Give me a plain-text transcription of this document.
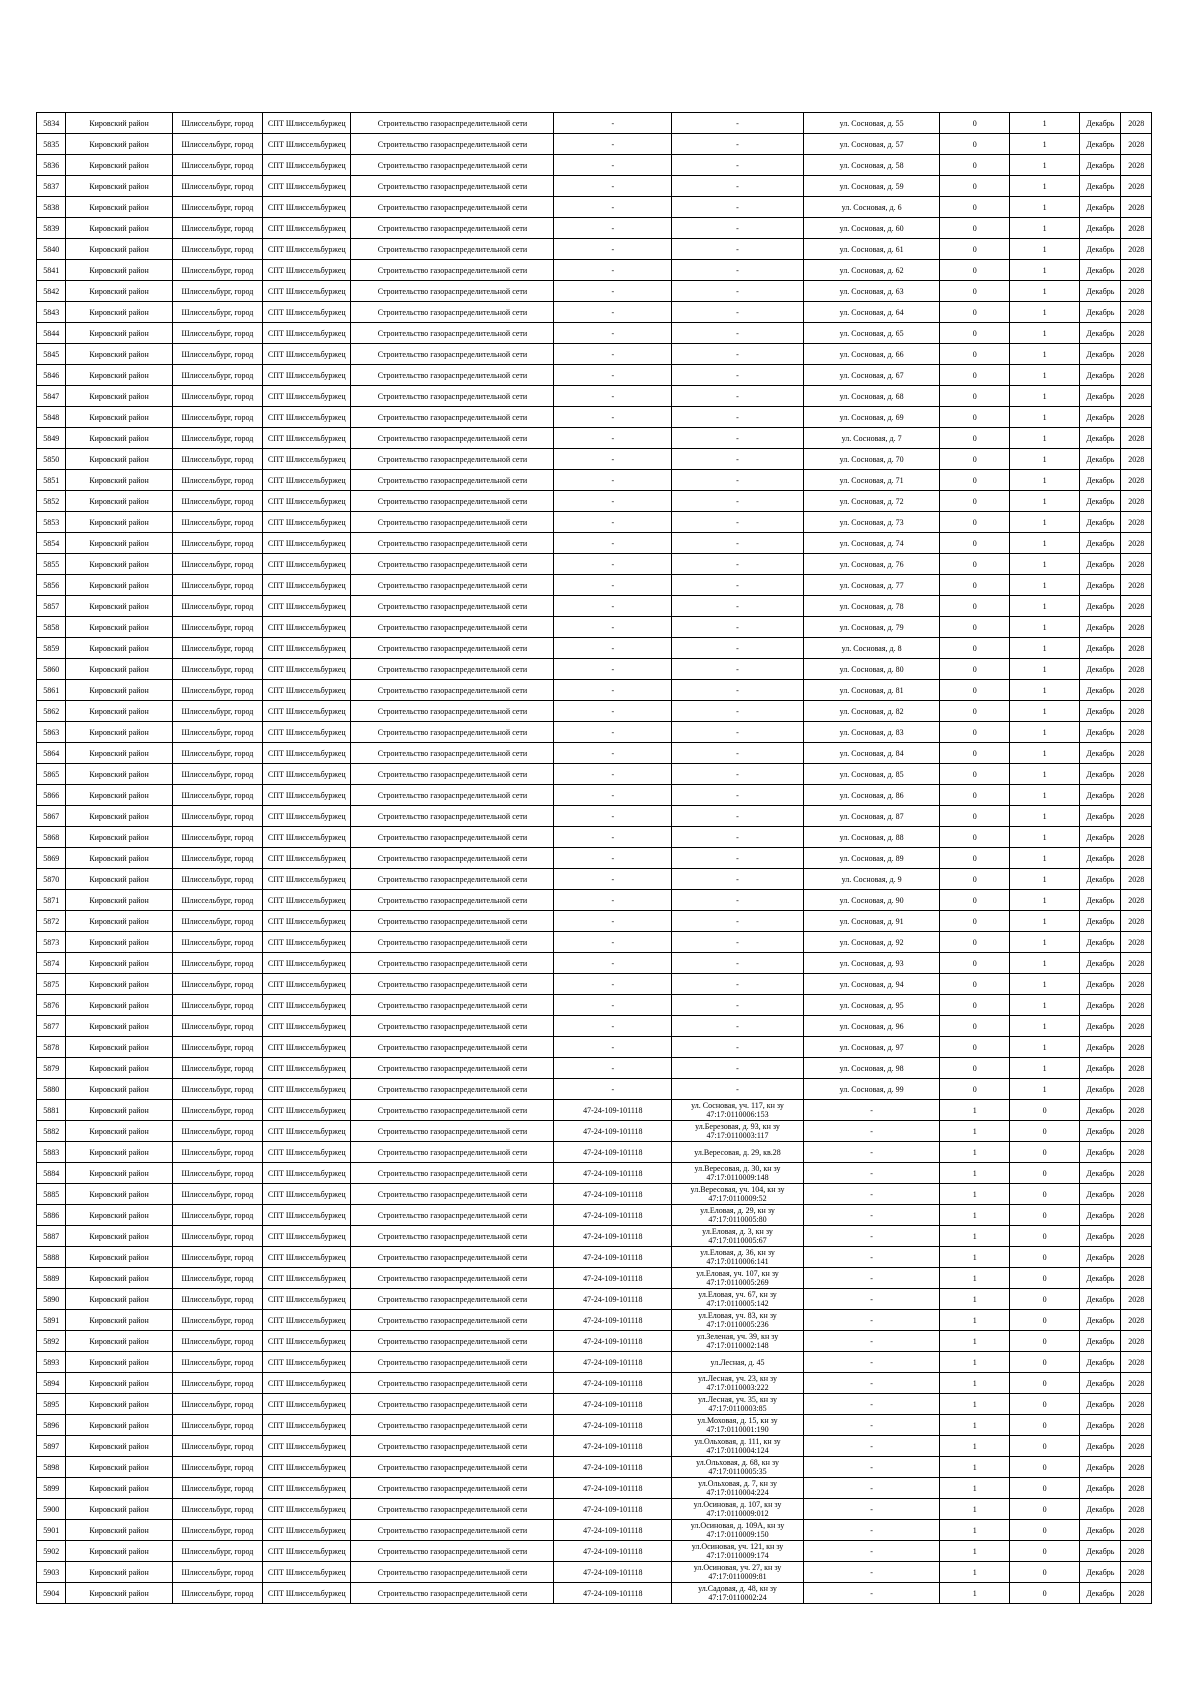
5834	Кировский район	Шлиссельбург, город	СПТ Шлиссельбуржец	Строительство газораспределительной сети	-	-	ул. Сосновая, д. 55	0	1	Декабрь	2028
5835	Кировский район	Шлиссельбург, город	СПТ Шлиссельбуржец	Строительство газораспределительной сети	-	-	ул. Сосновая, д. 57	0	1	Декабрь	2028
5836	Кировский район	Шлиссельбург, город	СПТ Шлиссельбуржец	Строительство газораспределительной сети	-	-	ул. Сосновая, д. 58	0	1	Декабрь	2028
5837	Кировский район	Шлиссельбург, город	СПТ Шлиссельбуржец	Строительство газораспределительной сети	-	-	ул. Сосновая, д. 59	0	1	Декабрь	2028
5838	Кировский район	Шлиссельбург, город	СПТ Шлиссельбуржец	Строительство газораспределительной сети	-	-	ул. Сосновая, д. 6	0	1	Декабрь	2028
5839	Кировский район	Шлиссельбург, город	СПТ Шлиссельбуржец	Строительство газораспределительной сети	-	-	ул. Сосновая, д. 60	0	1	Декабрь	2028
5840	Кировский район	Шлиссельбург, город	СПТ Шлиссельбуржец	Строительство газораспределительной сети	-	-	ул. Сосновая, д. 61	0	1	Декабрь	2028
5841	Кировский район	Шлиссельбург, город	СПТ Шлиссельбуржец	Строительство газораспределительной сети	-	-	ул. Сосновая, д. 62	0	1	Декабрь	2028
5842	Кировский район	Шлиссельбург, город	СПТ Шлиссельбуржец	Строительство газораспределительной сети	-	-	ул. Сосновая, д. 63	0	1	Декабрь	2028
5843	Кировский район	Шлиссельбург, город	СПТ Шлиссельбуржец	Строительство газораспределительной сети	-	-	ул. Сосновая, д. 64	0	1	Декабрь	2028
5844	Кировский район	Шлиссельбург, город	СПТ Шлиссельбуржец	Строительство газораспределительной сети	-	-	ул. Сосновая, д. 65	0	1	Декабрь	2028
5845	Кировский район	Шлиссельбург, город	СПТ Шлиссельбуржец	Строительство газораспределительной сети	-	-	ул. Сосновая, д. 66	0	1	Декабрь	2028
5846	Кировский район	Шлиссельбург, город	СПТ Шлиссельбуржец	Строительство газораспределительной сети	-	-	ул. Сосновая, д. 67	0	1	Декабрь	2028
5847	Кировский район	Шлиссельбург, город	СПТ Шлиссельбуржец	Строительство газораспределительной сети	-	-	ул. Сосновая, д. 68	0	1	Декабрь	2028
5848	Кировский район	Шлиссельбург, город	СПТ Шлиссельбуржец	Строительство газораспределительной сети	-	-	ул. Сосновая, д. 69	0	1	Декабрь	2028
5849	Кировский район	Шлиссельбург, город	СПТ Шлиссельбуржец	Строительство газораспределительной сети	-	-	ул. Сосновая, д. 7	0	1	Декабрь	2028
5850	Кировский район	Шлиссельбург, город	СПТ Шлиссельбуржец	Строительство газораспределительной сети	-	-	ул. Сосновая, д. 70	0	1	Декабрь	2028
5851	Кировский район	Шлиссельбург, город	СПТ Шлиссельбуржец	Строительство газораспределительной сети	-	-	ул. Сосновая, д. 71	0	1	Декабрь	2028
5852	Кировский район	Шлиссельбург, город	СПТ Шлиссельбуржец	Строительство газораспределительной сети	-	-	ул. Сосновая, д. 72	0	1	Декабрь	2028
5853	Кировский район	Шлиссельбург, город	СПТ Шлиссельбуржец	Строительство газораспределительной сети	-	-	ул. Сосновая, д. 73	0	1	Декабрь	2028
5854	Кировский район	Шлиссельбург, город	СПТ Шлиссельбуржец	Строительство газораспределительной сети	-	-	ул. Сосновая, д. 74	0	1	Декабрь	2028
5855	Кировский район	Шлиссельбург, город	СПТ Шлиссельбуржец	Строительство газораспределительной сети	-	-	ул. Сосновая, д. 76	0	1	Декабрь	2028
5856	Кировский район	Шлиссельбург, город	СПТ Шлиссельбуржец	Строительство газораспределительной сети	-	-	ул. Сосновая, д. 77	0	1	Декабрь	2028
5857	Кировский район	Шлиссельбург, город	СПТ Шлиссельбуржец	Строительство газораспределительной сети	-	-	ул. Сосновая, д. 78	0	1	Декабрь	2028
5858	Кировский район	Шлиссельбург, город	СПТ Шлиссельбуржец	Строительство газораспределительной сети	-	-	ул. Сосновая, д. 79	0	1	Декабрь	2028
5859	Кировский район	Шлиссельбург, город	СПТ Шлиссельбуржец	Строительство газораспределительной сети	-	-	ул. Сосновая, д. 8	0	1	Декабрь	2028
5860	Кировский район	Шлиссельбург, город	СПТ Шлиссельбуржец	Строительство газораспределительной сети	-	-	ул. Сосновая, д. 80	0	1	Декабрь	2028
5861	Кировский район	Шлиссельбург, город	СПТ Шлиссельбуржец	Строительство газораспределительной сети	-	-	ул. Сосновая, д. 81	0	1	Декабрь	2028
5862	Кировский район	Шлиссельбург, город	СПТ Шлиссельбуржец	Строительство газораспределительной сети	-	-	ул. Сосновая, д. 82	0	1	Декабрь	2028
5863	Кировский район	Шлиссельбург, город	СПТ Шлиссельбуржец	Строительство газораспределительной сети	-	-	ул. Сосновая, д. 83	0	1	Декабрь	2028
5864	Кировский район	Шлиссельбург, город	СПТ Шлиссельбуржец	Строительство газораспределительной сети	-	-	ул. Сосновая, д. 84	0	1	Декабрь	2028
5865	Кировский район	Шлиссельбург, город	СПТ Шлиссельбуржец	Строительство газораспределительной сети	-	-	ул. Сосновая, д. 85	0	1	Декабрь	2028
5866	Кировский район	Шлиссельбург, город	СПТ Шлиссельбуржец	Строительство газораспределительной сети	-	-	ул. Сосновая, д. 86	0	1	Декабрь	2028
5867	Кировский район	Шлиссельбург, город	СПТ Шлиссельбуржец	Строительство газораспределительной сети	-	-	ул. Сосновая, д. 87	0	1	Декабрь	2028
5868	Кировский район	Шлиссельбург, город	СПТ Шлиссельбуржец	Строительство газораспределительной сети	-	-	ул. Сосновая, д. 88	0	1	Декабрь	2028
5869	Кировский район	Шлиссельбург, город	СПТ Шлиссельбуржец	Строительство газораспределительной сети	-	-	ул. Сосновая, д. 89	0	1	Декабрь	2028
5870	Кировский район	Шлиссельбург, город	СПТ Шлиссельбуржец	Строительство газораспределительной сети	-	-	ул. Сосновая, д. 9	0	1	Декабрь	2028
5871	Кировский район	Шлиссельбург, город	СПТ Шлиссельбуржец	Строительство газораспределительной сети	-	-	ул. Сосновая, д. 90	0	1	Декабрь	2028
5872	Кировский район	Шлиссельбург, город	СПТ Шлиссельбуржец	Строительство газораспределительной сети	-	-	ул. Сосновая, д. 91	0	1	Декабрь	2028
5873	Кировский район	Шлиссельбург, город	СПТ Шлиссельбуржец	Строительство газораспределительной сети	-	-	ул. Сосновая, д. 92	0	1	Декабрь	2028
5874	Кировский район	Шлиссельбург, город	СПТ Шлиссельбуржец	Строительство газораспределительной сети	-	-	ул. Сосновая, д. 93	0	1	Декабрь	2028
5875	Кировский район	Шлиссельбург, город	СПТ Шлиссельбуржец	Строительство газораспределительной сети	-	-	ул. Сосновая, д. 94	0	1	Декабрь	2028
5876	Кировский район	Шлиссельбург, город	СПТ Шлиссельбуржец	Строительство газораспределительной сети	-	-	ул. Сосновая, д. 95	0	1	Декабрь	2028
5877	Кировский район	Шлиссельбург, город	СПТ Шлиссельбуржец	Строительство газораспределительной сети	-	-	ул. Сосновая, д. 96	0	1	Декабрь	2028
5878	Кировский район	Шлиссельбург, город	СПТ Шлиссельбуржец	Строительство газораспределительной сети	-	-	ул. Сосновая, д. 97	0	1	Декабрь	2028
5879	Кировский район	Шлиссельбург, город	СПТ Шлиссельбуржец	Строительство газораспределительной сети	-	-	ул. Сосновая, д. 98	0	1	Декабрь	2028
5880	Кировский район	Шлиссельбург, город	СПТ Шлиссельбуржец	Строительство газораспределительной сети	-	-	ул. Сосновая, д. 99	0	1	Декабрь	2028
5881	Кировский район	Шлиссельбург, город	СПТ Шлиссельбуржец	Строительство газораспределительной сети	47-24-109-101118	ул. Сосновая, уч. 117, кн зу 47:17:0110006:153	-	1	0	Декабрь	2028
5882	Кировский район	Шлиссельбург, город	СПТ Шлиссельбуржец	Строительство газораспределительной сети	47-24-109-101118	ул.Березовая, д. 93, кн зу 47:17:0110003:117	-	1	0	Декабрь	2028
5883	Кировский район	Шлиссельбург, город	СПТ Шлиссельбуржец	Строительство газораспределительной сети	47-24-109-101118	ул.Вересовая, д. 29, кв.28	-	1	0	Декабрь	2028
5884	Кировский район	Шлиссельбург, город	СПТ Шлиссельбуржец	Строительство газораспределительной сети	47-24-109-101118	ул.Вересовая, д. 30, кн зу 47:17:0110009:148	-	1	0	Декабрь	2028
5885	Кировский район	Шлиссельбург, город	СПТ Шлиссельбуржец	Строительство газораспределительной сети	47-24-109-101118	ул.Вересовая, уч. 104, кн зу 47:17:0110009:52	-	1	0	Декабрь	2028
5886	Кировский район	Шлиссельбург, город	СПТ Шлиссельбуржец	Строительство газораспределительной сети	47-24-109-101118	ул.Еловая, д. 29, кн зу 47:17:0110005:80	-	1	0	Декабрь	2028
5887	Кировский район	Шлиссельбург, город	СПТ Шлиссельбуржец	Строительство газораспределительной сети	47-24-109-101118	ул.Еловая, д. 3, кн зу 47:17:0110005:67	-	1	0	Декабрь	2028
5888	Кировский район	Шлиссельбург, город	СПТ Шлиссельбуржец	Строительство газораспределительной сети	47-24-109-101118	ул.Еловая, д. 36, кн зу 47:17:0110006:141	-	1	0	Декабрь	2028
5889	Кировский район	Шлиссельбург, город	СПТ Шлиссельбуржец	Строительство газораспределительной сети	47-24-109-101118	ул.Еловая, уч. 107, кн зу 47:17:0110005:269	-	1	0	Декабрь	2028
5890	Кировский район	Шлиссельбург, город	СПТ Шлиссельбуржец	Строительство газораспределительной сети	47-24-109-101118	ул.Еловая, уч. 67, кн зу 47:17:0110005:142	-	1	0	Декабрь	2028
5891	Кировский район	Шлиссельбург, город	СПТ Шлиссельбуржец	Строительство газораспределительной сети	47-24-109-101118	ул.Еловая, уч. 83, кн зу 47:17:0110005:236	-	1	0	Декабрь	2028
5892	Кировский район	Шлиссельбург, город	СПТ Шлиссельбуржец	Строительство газораспределительной сети	47-24-109-101118	ул.Зеленая, уч. 39, кн зу 47:17:0110002:148	-	1	0	Декабрь	2028
5893	Кировский район	Шлиссельбург, город	СПТ Шлиссельбуржец	Строительство газораспределительной сети	47-24-109-101118	ул.Лесная, д. 45	-	1	0	Декабрь	2028
5894	Кировский район	Шлиссельбург, город	СПТ Шлиссельбуржец	Строительство газораспределительной сети	47-24-109-101118	ул.Лесная, уч. 23, кн зу 47:17:0110003:222	-	1	0	Декабрь	2028
5895	Кировский район	Шлиссельбург, город	СПТ Шлиссельбуржец	Строительство газораспределительной сети	47-24-109-101118	ул.Лесная, уч. 35, кн зу 47:17:0110003:85	-	1	0	Декабрь	2028
5896	Кировский район	Шлиссельбург, город	СПТ Шлиссельбуржец	Строительство газораспределительной сети	47-24-109-101118	ул.Моховая, д. 15, кн зу 47:17:0110001:190	-	1	0	Декабрь	2028
5897	Кировский район	Шлиссельбург, город	СПТ Шлиссельбуржец	Строительство газораспределительной сети	47-24-109-101118	ул.Ольховая, д. 111, кн зу 47:17:0110004:124	-	1	0	Декабрь	2028
5898	Кировский район	Шлиссельбург, город	СПТ Шлиссельбуржец	Строительство газораспределительной сети	47-24-109-101118	ул.Ольховая, д. 68, кн зу 47:17:0110005:35	-	1	0	Декабрь	2028
5899	Кировский район	Шлиссельбург, город	СПТ Шлиссельбуржец	Строительство газораспределительной сети	47-24-109-101118	ул.Ольховая, д. 7, кн зу 47:17:0110004:224	-	1	0	Декабрь	2028
5900	Кировский район	Шлиссельбург, город	СПТ Шлиссельбуржец	Строительство газораспределительной сети	47-24-109-101118	ул.Осиновая, д. 107, кн зу 47:17:0110009:012	-	1	0	Декабрь	2028
5901	Кировский район	Шлиссельбург, город	СПТ Шлиссельбуржец	Строительство газораспределительной сети	47-24-109-101118	ул.Осиновая, д. 109А, кн зу 47:17:0110009:150	-	1	0	Декабрь	2028
5902	Кировский район	Шлиссельбург, город	СПТ Шлиссельбуржец	Строительство газораспределительной сети	47-24-109-101118	ул.Осиновая, уч. 121, кн зу 47:17:0110009:174	-	1	0	Декабрь	2028
5903	Кировский район	Шлиссельбург, город	СПТ Шлиссельбуржец	Строительство газораспределительной сети	47-24-109-101118	ул.Осиновая, уч. 27, кн зу 47:17:0110009:81	-	1	0	Декабрь	2028
5904	Кировский район	Шлиссельбург, город	СПТ Шлиссельбуржец	Строительство газораспределительной сети	47-24-109-101118	ул.Садовая, д. 48, кн зу 47:17:0110002:24	-	1	0	Декабрь	2028
